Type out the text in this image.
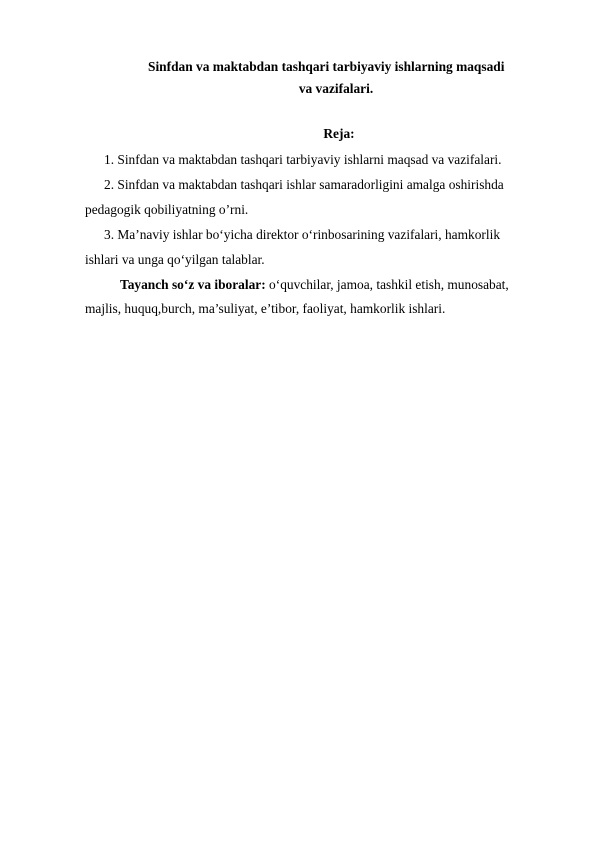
Sinfdan va maktabdan tashqari tarbiyaviy ishlarning maqsadi
va vazifalari.
Reja:
1. Sinfdan va maktabdan tashqari tarbiyaviy ishlarni maqsad va vazifalari.
2. Sinfdan va maktabdan tashqari ishlar samaradorligini amalga oshirishda
pedagogik qobiliyatning o’rni.
3. Ma’naviy ishlar bo‘yicha direktor o‘rinbosarining vazifalari, hamkorlik
ishlari va unga qo‘yilgan talablar.
Tayanch so‘z va iboralar: o‘quvchilar, jamoa, tashkil etish, munosabat,
majlis, huquq,burch, ma’suliyat, e’tibor, faoliyat, hamkorlik ishlari.
